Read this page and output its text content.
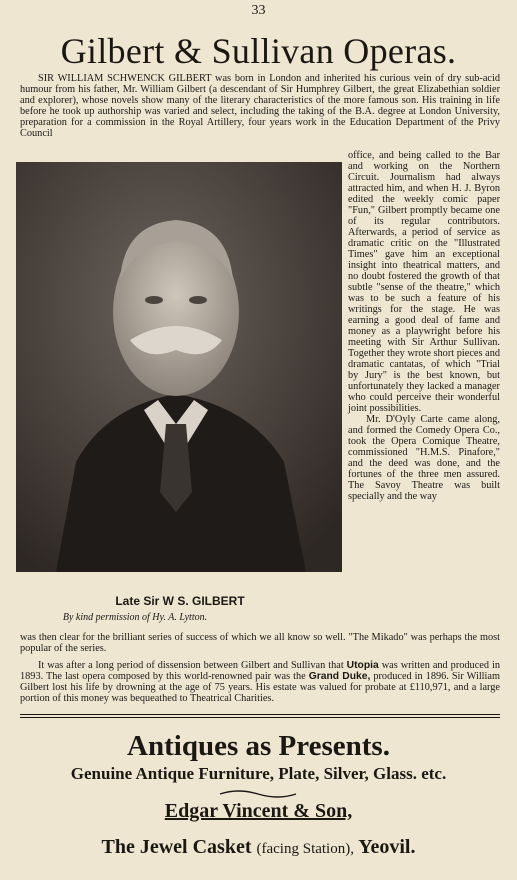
33
Gilbert & Sullivan Operas.

SIR WILLIAM SCHWENCK GILBERT was born in London and inherited his curious vein of dry sub-acid humour from his father, Mr. William Gilbert (a descendant of Sir Humphrey Gilbert, the great Elizabethian soldier and explorer), whose novels show many of the literary characteristics of the more famous son. His training in life before he took up authorship was varied and select, including the taking of the B.A. degree at London University, preparation for a commission in the Royal Artillery, four years work in the Education Department of the Privy Council

office, and being called to the Bar and working on the Northern Circuit. Journalism had always attracted him, and when H. J. Byron edited the weekly comic paper "Fun," Gilbert promptly became one of its regular contributors. Afterwards, a period of service as dramatic critic on the "Illustrated Times" gave him an exceptional insight into theatrical matters, and no doubt fostered the growth of that subtle "sense of the theatre," which was to be such a feature of his writings for the stage. He was earning a good deal of fame and money as a playwright before his meeting with Sir Arthur Sullivan. Together they wrote short pieces and dramatic cantatas, of which "Trial by Jury" is the best known, but unfortunately they lacked a manager who could perceive their wonderful joint possibilities.
Mr. D'Oyly Carte came along, and formed the Comedy Opera Co., took the Opera Comique Theatre, commissioned "H.M.S. Pinafore," and the deed was done, and the fortunes of the three men assured. The Savoy Theatre was built specially and the way

Late Sir W S. GILBERT
By kind permission of Hy. A. Lytton.

was then clear for the brilliant series of success of which we all know so well. "The Mikado" was perhaps the most popular of the series.

It was after a long period of dissension between Gilbert and Sullivan that Utopia was written and produced in 1893. The last opera composed by this world-renowned pair was the Grand Duke, produced in 1896. Sir William Gilbert lost his life by drowning at the age of 75 years. His estate was valued for probate at £110,971, and a large portion of this money was bequeathed to Theatrical Charities.

Antiques as Presents.
Genuine Antique Furniture, Plate, Silver, Glass. etc.
Edgar Vincent & Son,
The Jewel Casket (facing Station), Yeovil.
